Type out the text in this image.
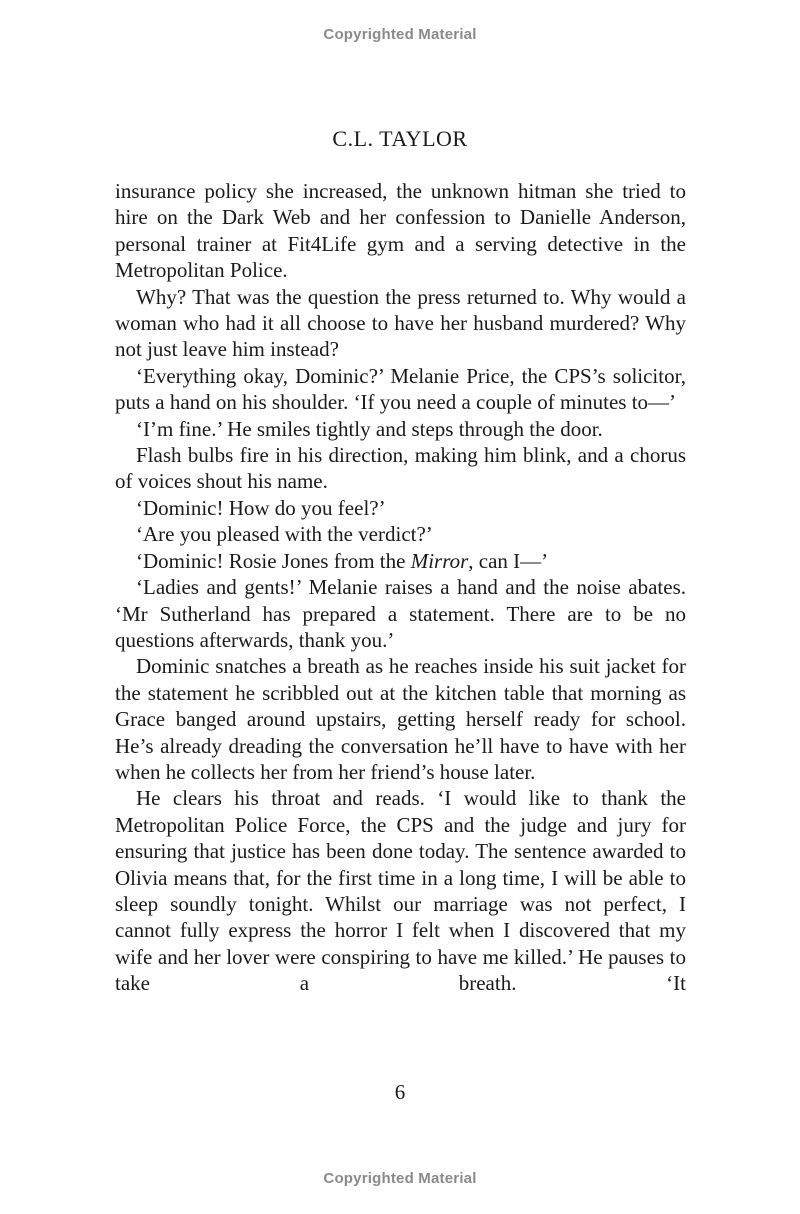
Copyrighted Material
C.L. TAYLOR

insurance policy she increased, the unknown hitman she tried to hire on the Dark Web and her confession to Danielle Anderson, personal trainer at Fit4Life gym and a serving detective in the Metropolitan Police.

Why? That was the question the press returned to. Why would a woman who had it all choose to have her husband murdered? Why not just leave him instead?

‘Everything okay, Dominic?’ Melanie Price, the CPS’s solicitor, puts a hand on his shoulder. ‘If you need a couple of minutes to—’

‘I’m fine.’ He smiles tightly and steps through the door.

Flash bulbs fire in his direction, making him blink, and a chorus of voices shout his name.

‘Dominic! How do you feel?’

‘Are you pleased with the verdict?’

‘Dominic! Rosie Jones from the Mirror, can I—’

‘Ladies and gents!’ Melanie raises a hand and the noise abates. ‘Mr Sutherland has prepared a statement. There are to be no questions afterwards, thank you.’

Dominic snatches a breath as he reaches inside his suit jacket for the statement he scribbled out at the kitchen table that morning as Grace banged around upstairs, getting herself ready for school. He’s already dreading the conversation he’ll have to have with her when he collects her from her friend’s house later.

He clears his throat and reads. ‘I would like to thank the Metropolitan Police Force, the CPS and the judge and jury for ensuring that justice has been done today. The sentence awarded to Olivia means that, for the first time in a long time, I will be able to sleep soundly tonight. Whilst our marriage was not perfect, I cannot fully express the horror I felt when I discovered that my wife and her lover were conspiring to have me killed.’ He pauses to take a breath. ‘It

6
Copyrighted Material
